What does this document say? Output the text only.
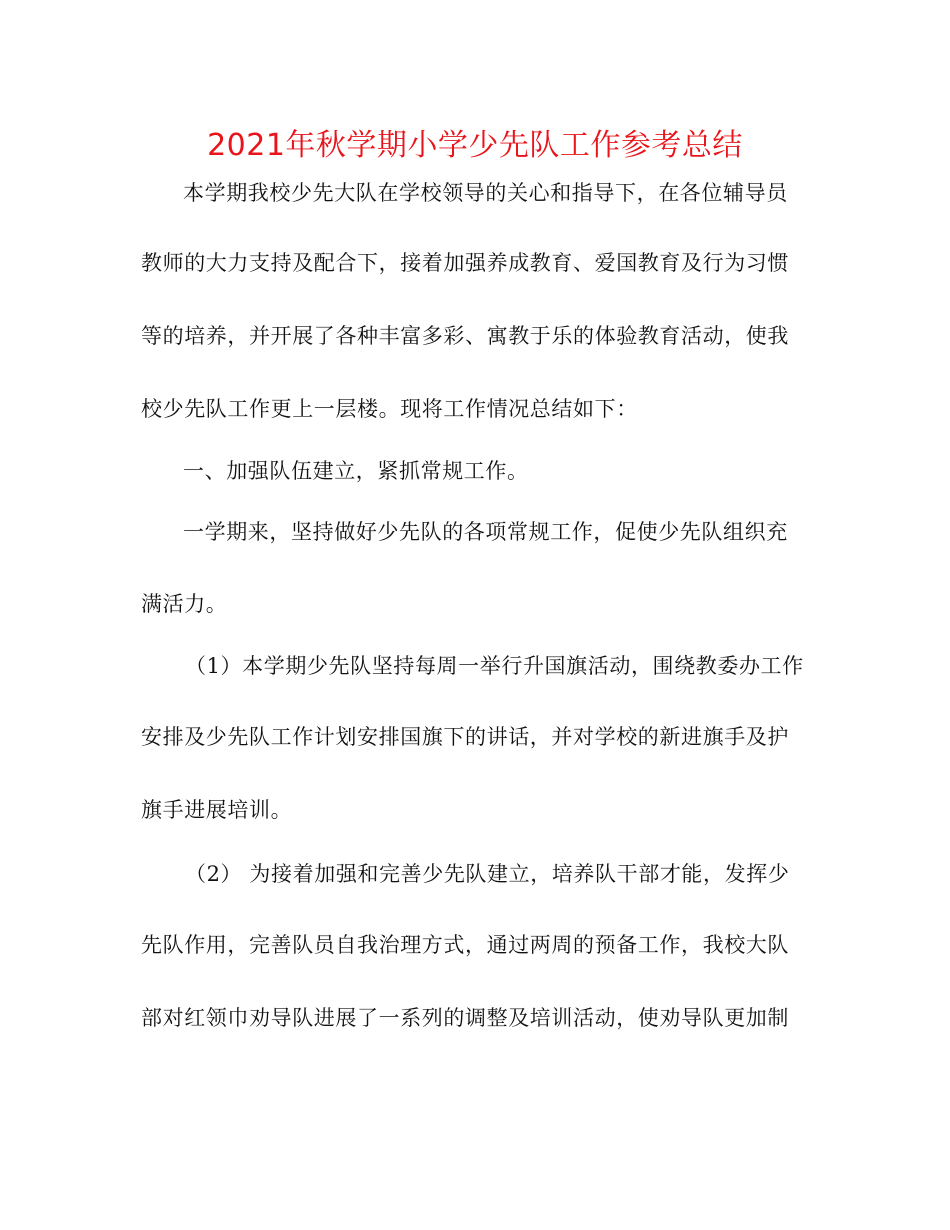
2021年秋学期小学少先队工作参考总结

本学期我校少先大队在学校领导的关心和指导下，在各位辅导员

教师的大力支持及配合下，接着加强养成教育、爱国教育及行为习惯

等的培养，并开展了各种丰富多彩、寓教于乐的体验教育活动，使我

校少先队工作更上一层楼。现将工作情况总结如下：

一、加强队伍建立，紧抓常规工作。

一学期来，坚持做好少先队的各项常规工作，促使少先队组织充

满活力。

（1）本学期少先队坚持每周一举行升国旗活动，围绕教委办工作

安排及少先队工作计划安排国旗下的讲话，并对学校的新进旗手及护

旗手进展培训。

（2） 为接着加强和完善少先队建立，培养队干部才能，发挥少

先队作用，完善队员自我治理方式，通过两周的预备工作，我校大队

部对红领巾劝导队进展了一系列的调整及培训活动，使劝导队更加制
